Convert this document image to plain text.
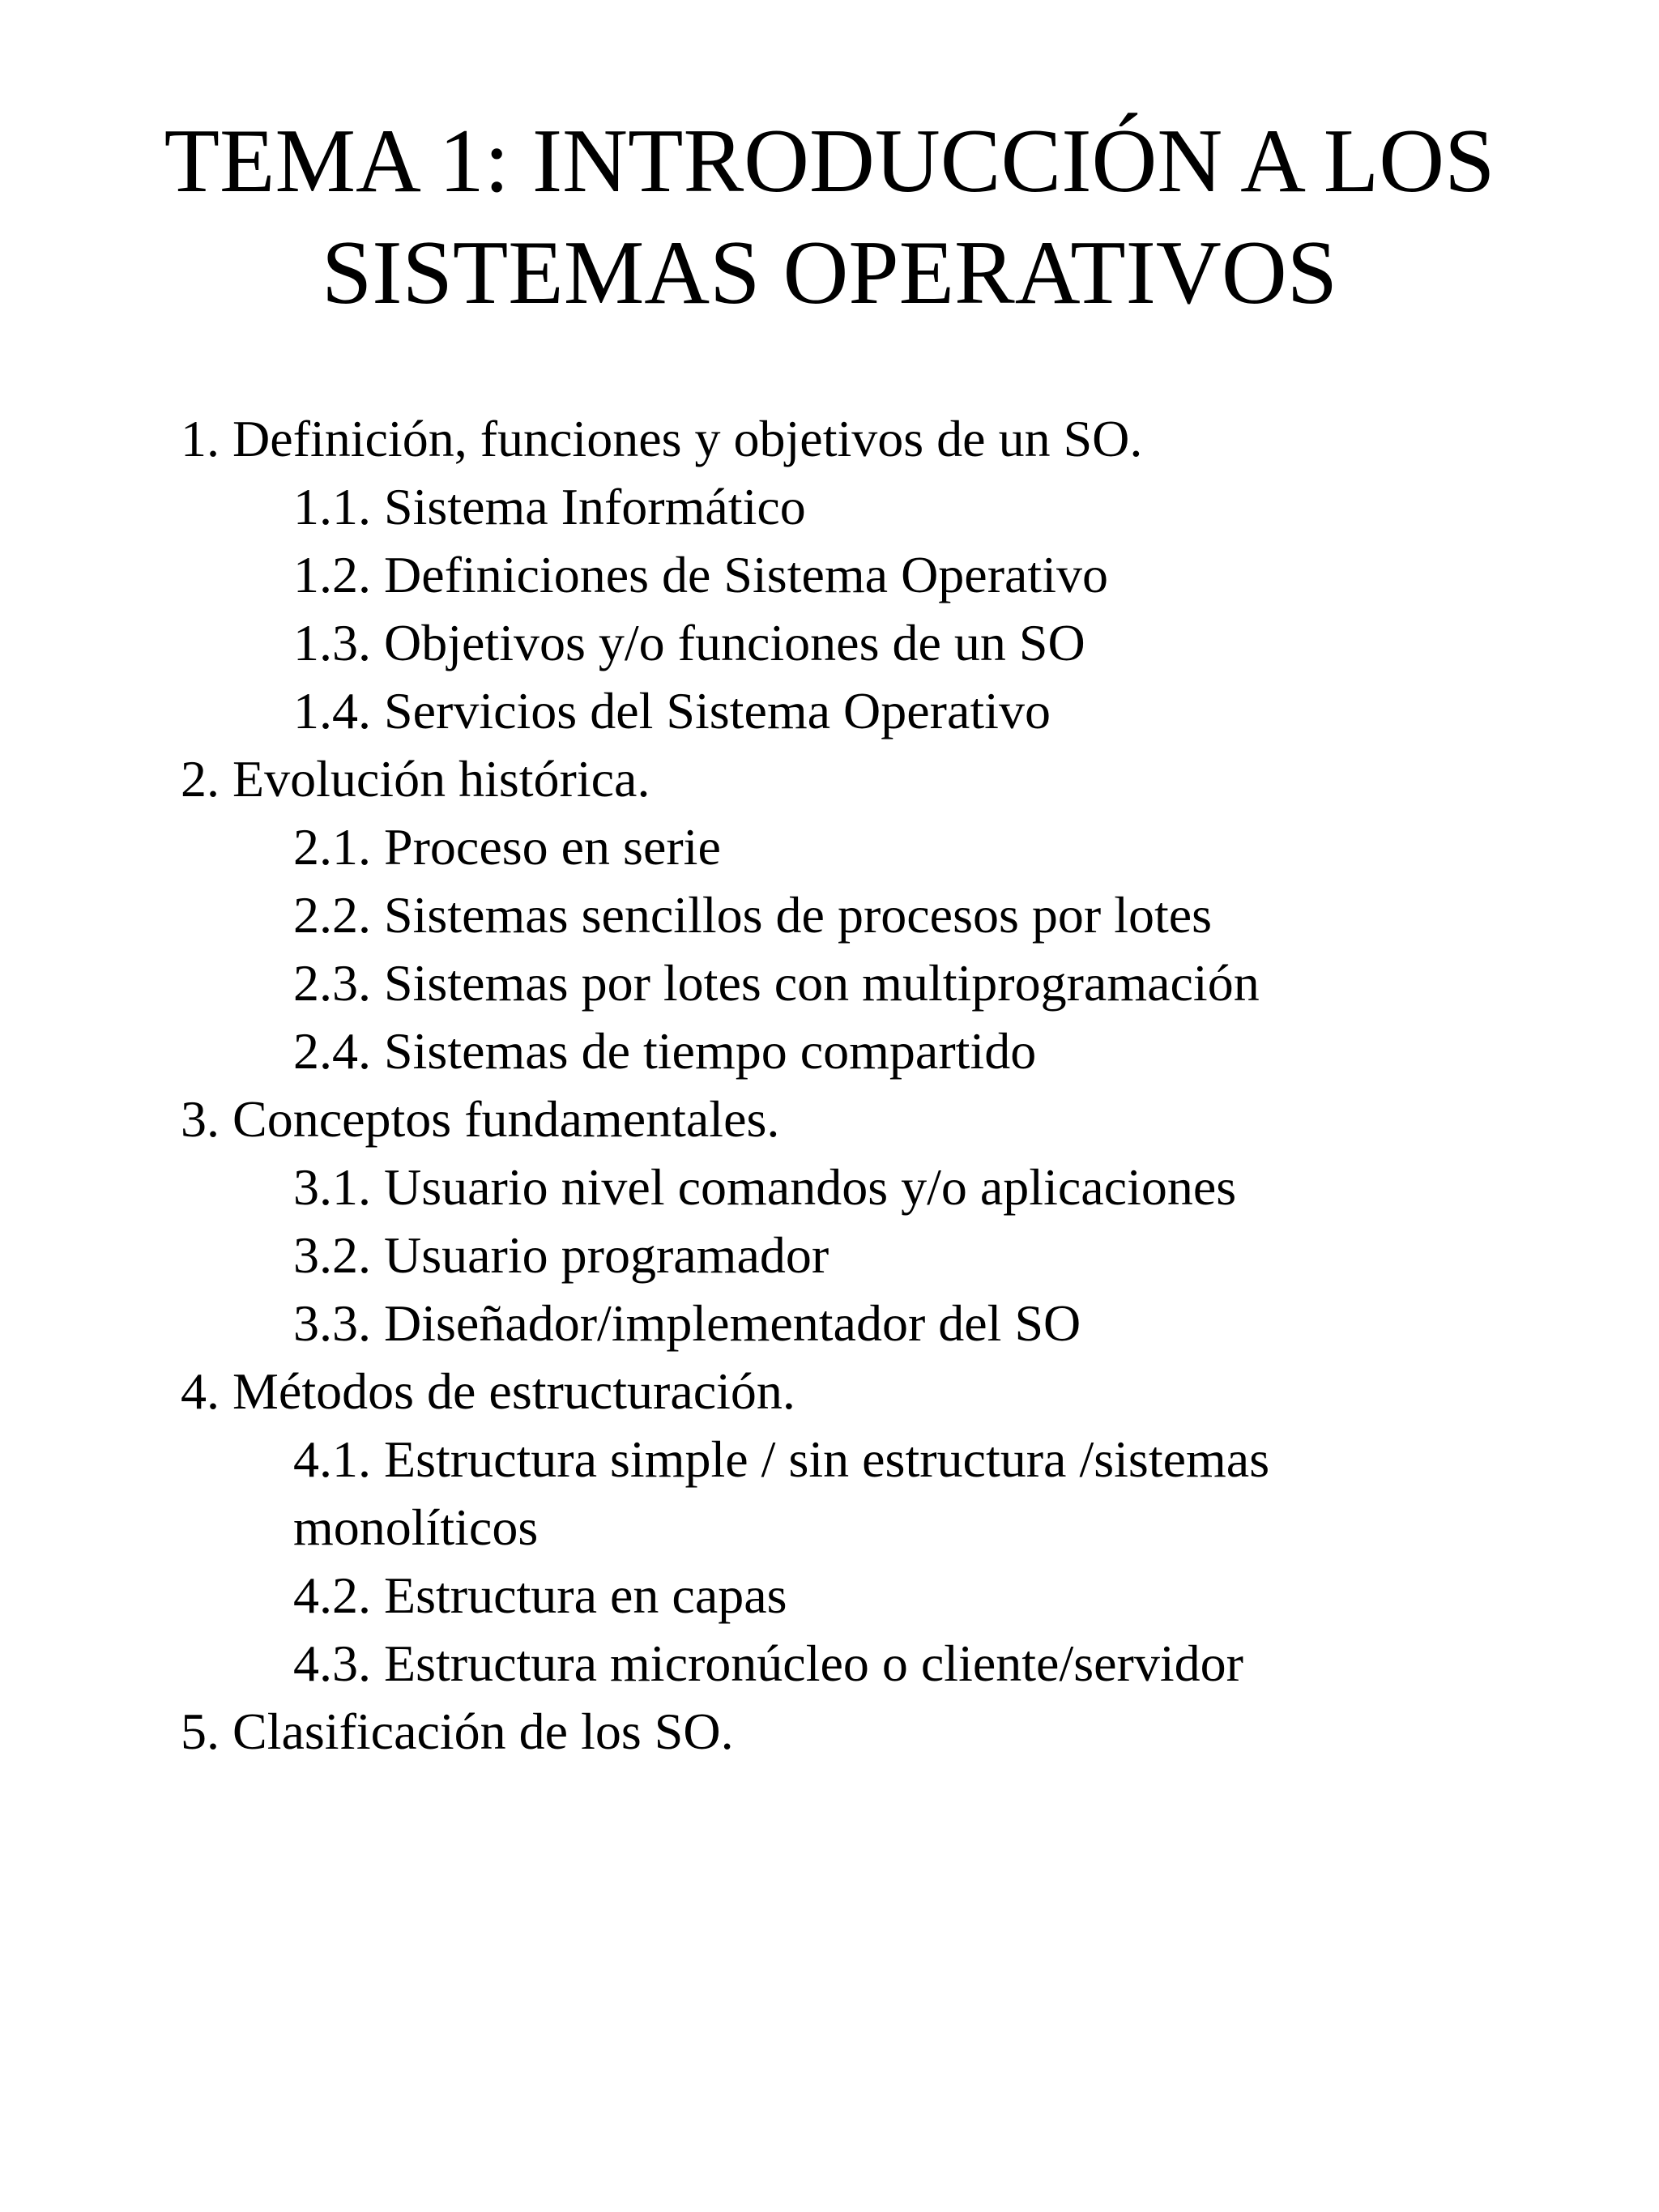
TEMA 1: INTRODUCCIÓN A LOS
SISTEMAS OPERATIVOS
1. Definición, funciones y objetivos de un SO.
1.1. Sistema Informático
1.2. Definiciones de Sistema Operativo
1.3. Objetivos y/o funciones de un SO
1.4. Servicios del Sistema Operativo
2. Evolución histórica.
2.1. Proceso en serie
2.2. Sistemas sencillos de procesos por lotes
2.3. Sistemas por lotes con multiprogramación
2.4. Sistemas de tiempo compartido
3. Conceptos fundamentales.
3.1. Usuario nivel comandos y/o aplicaciones
3.2. Usuario programador
3.3. Diseñador/implementador del SO
4. Métodos de estructuración.
4.1. Estructura simple / sin estructura /sistemas
monolíticos
4.2. Estructura en capas
4.3. Estructura micronúcleo o cliente/servidor
5. Clasificación de los SO.
